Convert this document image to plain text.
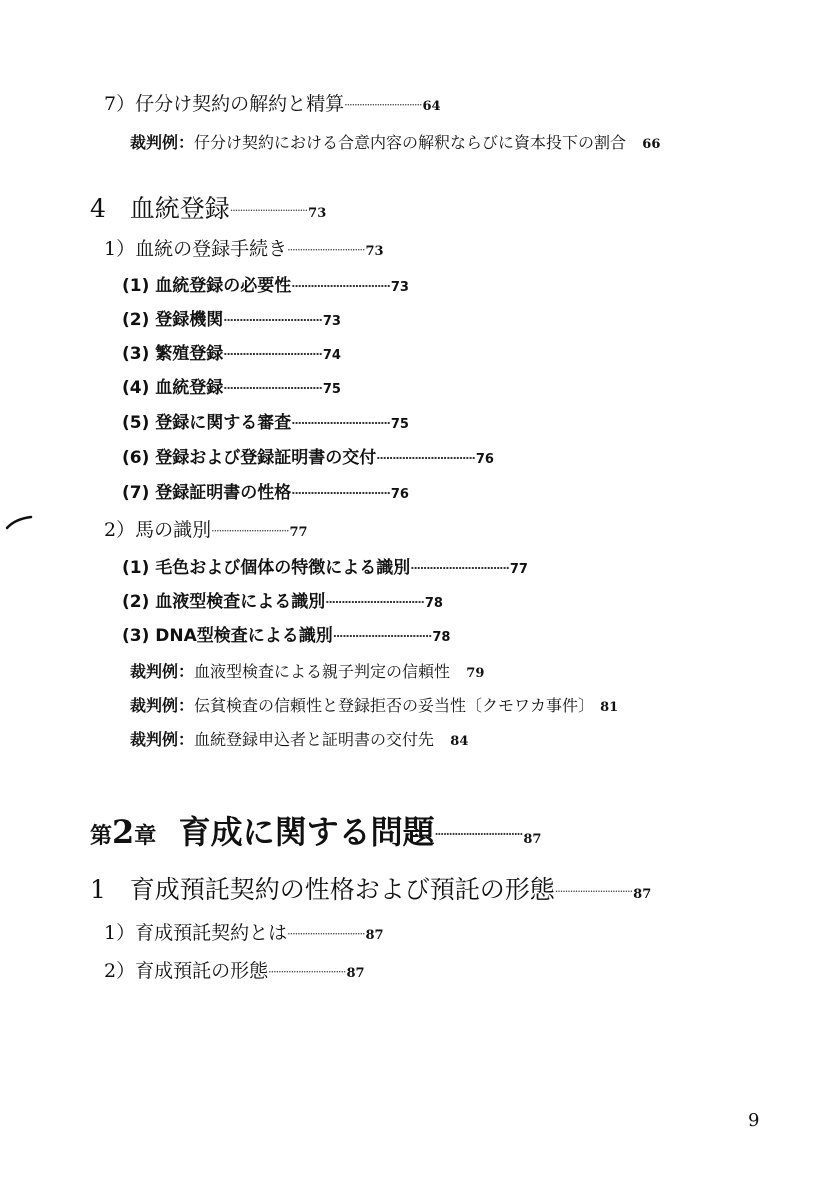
7）仔分け契約の解約と精算·······························64
裁判例：仔分け契約における合意内容の解釈ならびに資本投下の割合 66
4 血統登録·······························73
1）血統の登録手続き·······························73
(1) 血統登録の必要性·······························73
(2) 登録機関·······························73
(3) 繁殖登録·······························74
(4) 血統登録·······························75
(5) 登録に関する審査·······························75
(6) 登録および登録証明書の交付·······························76
(7) 登録証明書の性格·······························76
2）馬の識別·······························77
(1) 毛色および個体の特徴による識別·······························77
(2) 血液型検査による識別·······························78
(3) DNA型検査による識別·······························78
裁判例：血液型検査による親子判定の信頼性 79
裁判例：伝貧検査の信頼性と登録拒否の妥当性〔クモワカ事件〕 81
裁判例：血統登録申込者と証明書の交付先 84
第2章 育成に関する問題·······························87
1 育成預託契約の性格および預託の形態·······························87
1）育成預託契約とは·······························87
2）育成預託の形態·······························87
9
